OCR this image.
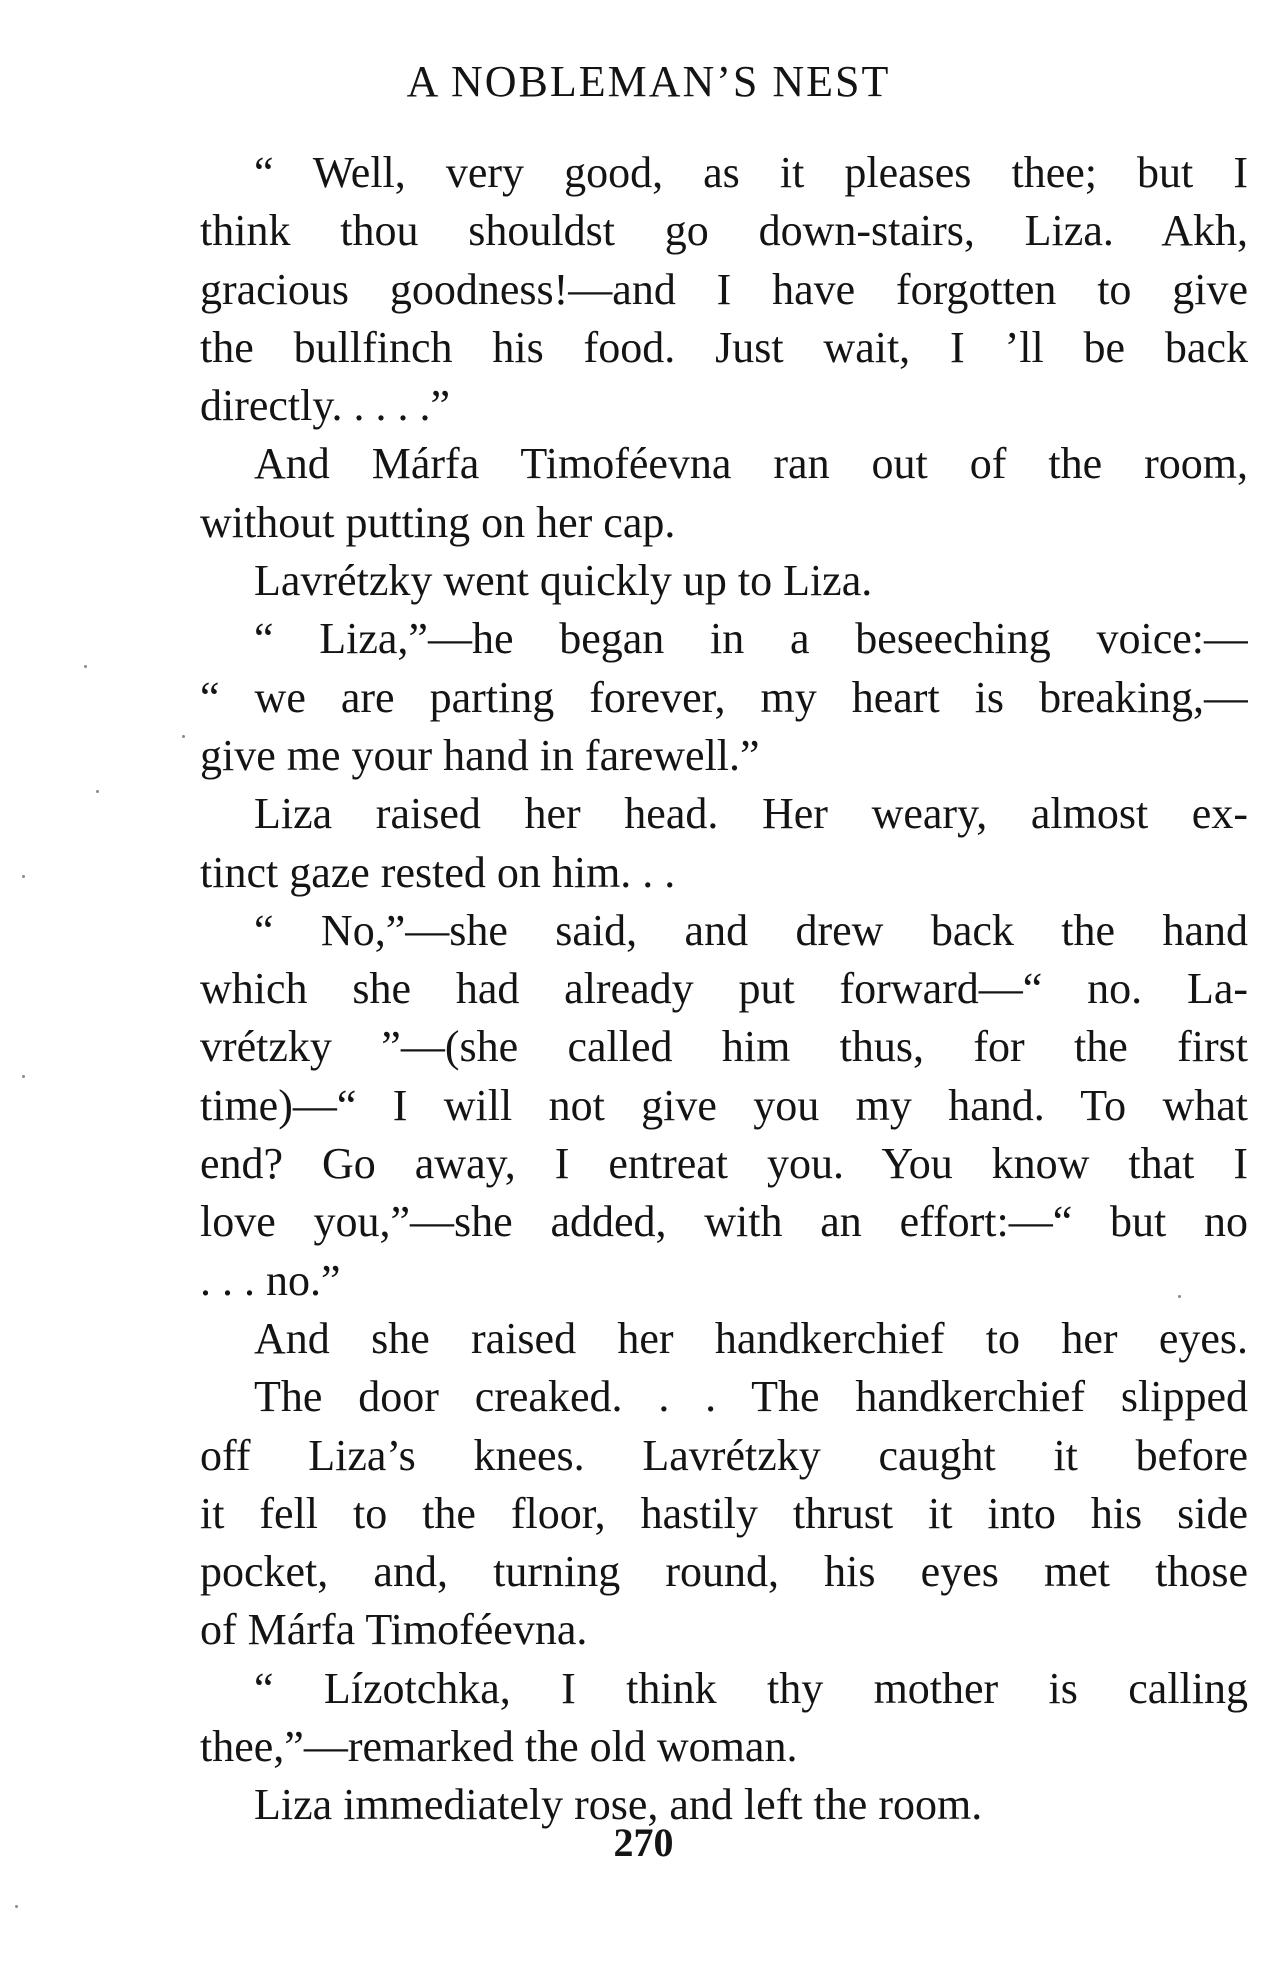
A NOBLEMAN’S NEST
“ Well, very good, as it pleases thee; but I
think thou shouldst go down-stairs, Liza. Akh,
gracious goodness!—and I have forgotten to give
the bullfinch his food. Just wait, I ’ll be back
directly. . . . .”
And Márfa Timoféevna ran out of the room,
without putting on her cap.
Lavrétzky went quickly up to Liza.
“ Liza,”—he began in a beseeching voice:—
“ we are parting forever, my heart is breaking,—
give me your hand in farewell.”
Liza raised her head. Her weary, almost ex-
tinct gaze rested on him. . .
“ No,”—she said, and drew back the hand
which she had already put forward—“ no. La-
vrétzky ”—(she called him thus, for the first
time)—“ I will not give you my hand. To what
end? Go away, I entreat you. You know that I
love you,”—she added, with an effort:—“ but no
. . . no.”
And she raised her handkerchief to her eyes.
The door creaked. . . The handkerchief slipped
off Liza’s knees. Lavrétzky caught it before
it fell to the floor, hastily thrust it into his side
pocket, and, turning round, his eyes met those
of Márfa Timoféevna.
“ Lízotchka, I think thy mother is calling
thee,”—remarked the old woman.
Liza immediately rose, and left the room.
270
